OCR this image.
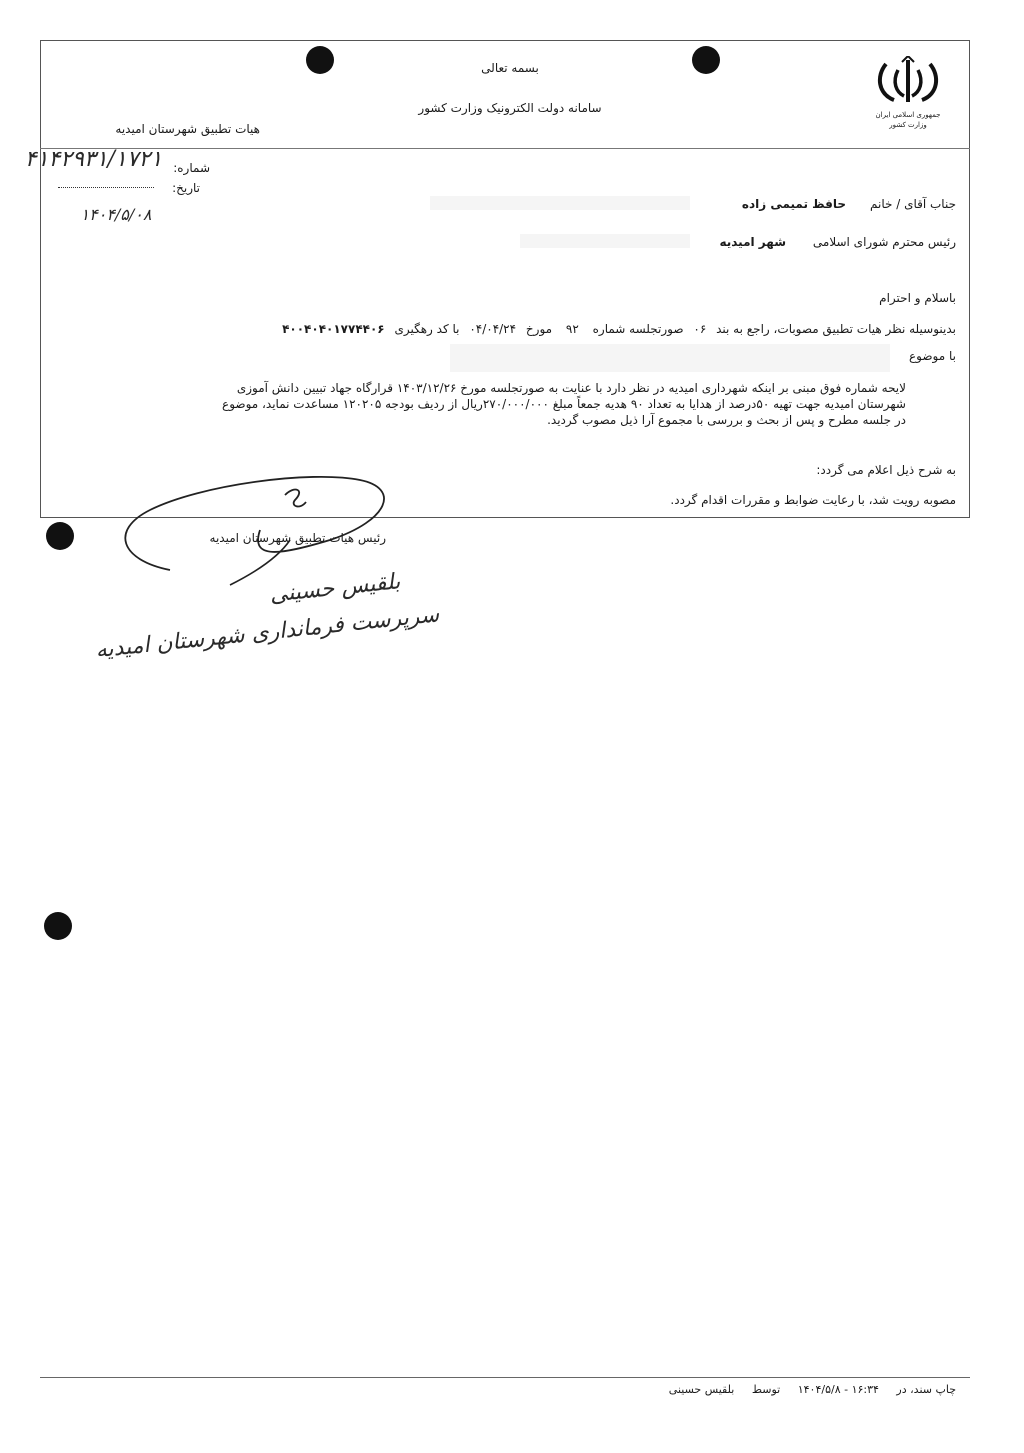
بسمه تعالی
سامانه دولت الکترونیک وزارت کشور
هیات تطبیق شهرستان امیدیه
جمهوری اسلامی ایران
وزارت کشور
شماره:
۴۱۴۲۹۳۱/۱۷۲۱
تاریخ:
۱۴۰۴/۵/۰۸
جناب آقای / خانم
حافظ تمیمی زاده
رئیس محترم شورای اسلامی
شهر امیدیه
باسلام و احترام
بدینوسیله نظر هیات تطبیق مصوبات، راجع به بند ۰۶ صورتجلسه شماره ۹۲ مورخ ۰۴/۰۴/۲۴ با کد رهگیری ۴۰۰۴۰۴۰۱۷۷۴۴۰۶
با موضوع
لایحه شماره فوق مبنی بر اینکه شهرداری امیدیه در نظر دارد با عنایت به صورتجلسه مورخ ۱۴۰۳/۱۲/۲۶ قرارگاه جهاد تبیین دانش آموزی
شهرستان امیدیه جهت تهیه ۵۰درصد از هدایا به تعداد ۹۰ هدیه جمعاً مبلغ ۲۷۰/۰۰۰/۰۰۰ریال از ردیف بودجه ۱۲۰۲۰۵ مساعدت نماید، موضوع
در جلسه مطرح و پس از بحث و بررسی با مجموع آرا ذیل مصوب گردید.
به شرح ذیل اعلام می گردد:
مصوبه رویت شد، با رعایت ضوابط و مقررات اقدام گردد.
رئیس هیات تطبیق شهرستان امیدیه
بلقیس حسینی
سرپرست فرمانداری شهرستان امیدیه
چاپ سند، در ۱۶:۳۴ - ۱۴۰۴/۵/۸ توسط بلقیس حسینی
